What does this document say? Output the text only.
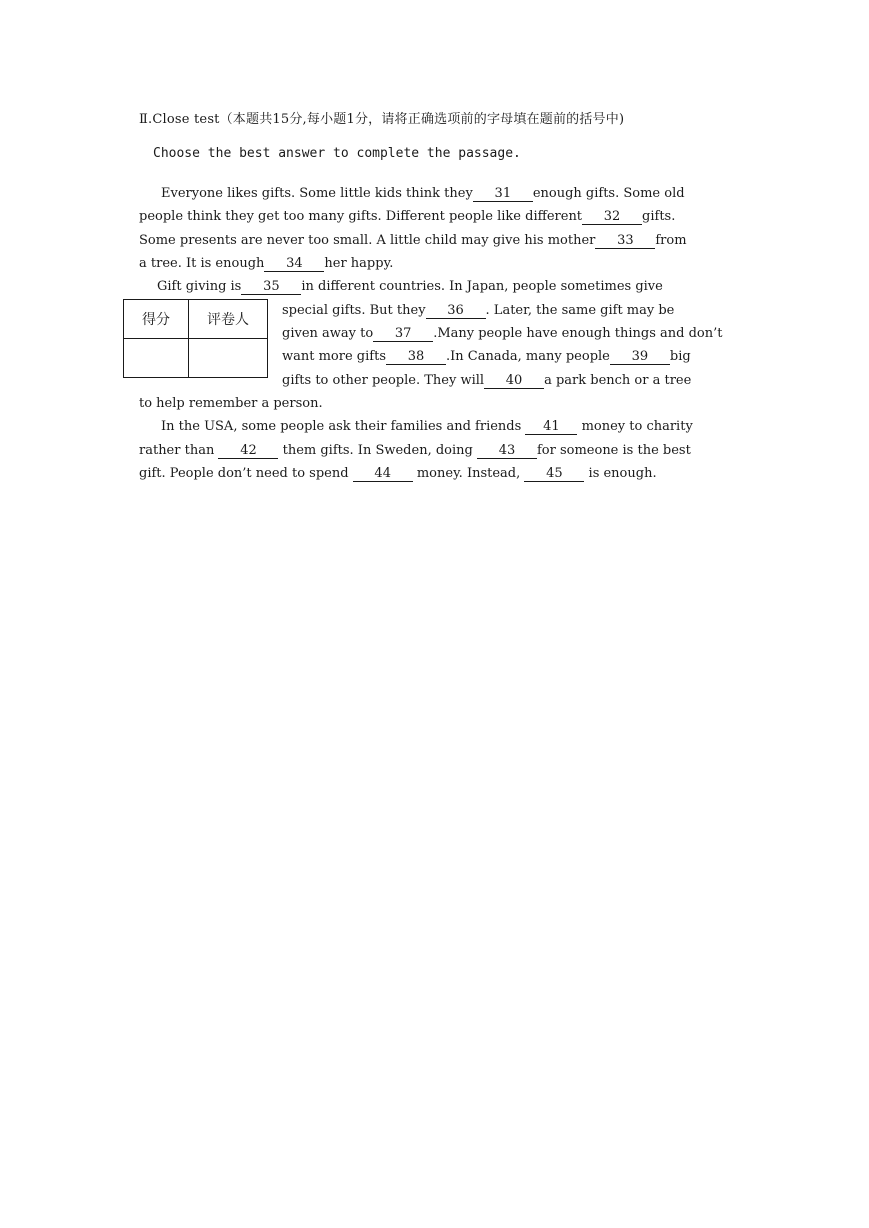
Ⅱ.Close test（本题共15分,每小题1分，请将正确选项前的字母填在题前的括号中)
Choose the best answer to complete the passage.
得分	评卷人

Everyone likes gifts. Some little kids think they 31 enough gifts. Some old
people think they get too many gifts. Different people like different 32 gifts.
Some presents are never too small. A little child may give his mother 33 from
a tree. It is enough 34 her happy.
Gift giving is 35 in different countries. In Japan, people sometimes give
special gifts. But they 36 . Later, the same gift may be
given away to 37 .Many people have enough things and don’t
want more gifts 38 .In Canada, many people 39 big
gifts to other people. They will 40 a park bench or a tree
to help remember a person.
In the USA, some people ask their families and friends 41 money to charity
rather than 42 them gifts. In Sweden, doing 43 for someone is the best
gift. People don’t need to spend 44 money. Instead, 45 is enough.
